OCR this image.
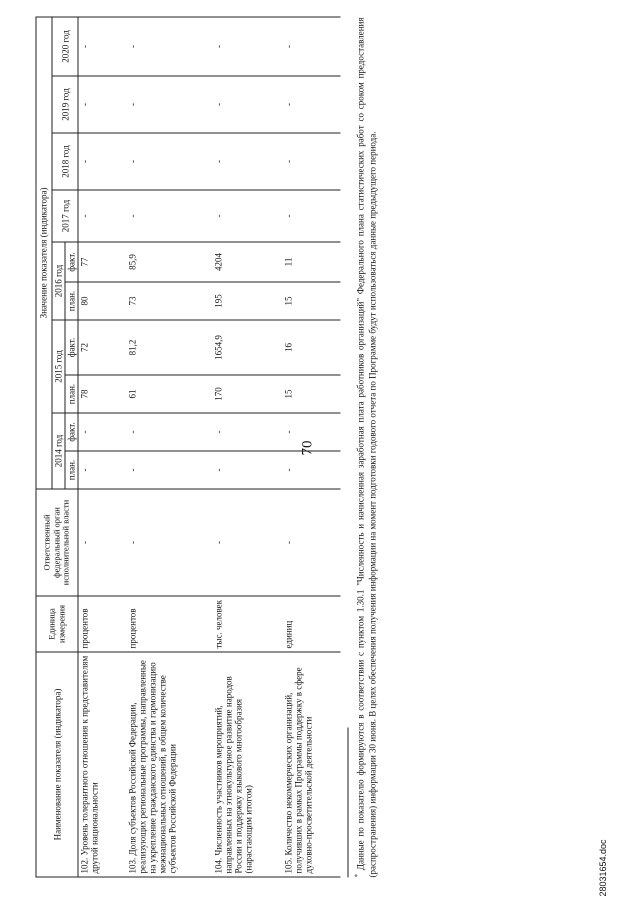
70
Наименование показателя (индикатора)	Единица измерения	Ответственный федеральный орган исполнительной власти	Значение показателя (индикатора)									
			2014 год		2015 год		2016 год		2017 год	2018 год	2019 год	2020 год
			план.	факт.	план.	факт.	план.	факт.				
102. Уровень толерантного отношения к представителям другой национальности	процентов	-	-	-	78	72	80	77	-	-	-	-
103. Доля субъектов Российской Федерации, реализующих региональные программы, направленные на укрепление гражданского единства и гармонизацию межнациональных отношений, в общем количестве субъектов Российской Федерации	процентов	-	-	-	61	81,2	73	85,9	-	-	-	-
104. Численность участников мероприятий, направленных на этнокультурное развитие народов России и поддержку языкового многообразия (нарастающим итогом)	тыс. человек	-	-	-	170	1654,9	195	4204	-	-	-	-
105. Количество некоммерческих организаций, получивших в рамках Программы поддержку в сфере духовно-просветительской деятельности	единиц	-	-	-	15	16	15	11	-	-	-	-
* Данные по показателю формируются в соответствии с пунктом 1.30.1 "Численность и начисленная заработная плата работников организаций" Федерального плана статистических работ со сроком предоставления (распространения) информации 30 июня. В целях обеспечения получения информации на момент подготовки годового отчета по Программе будут использоваться данные предыдущего периода.	28031654.doc
